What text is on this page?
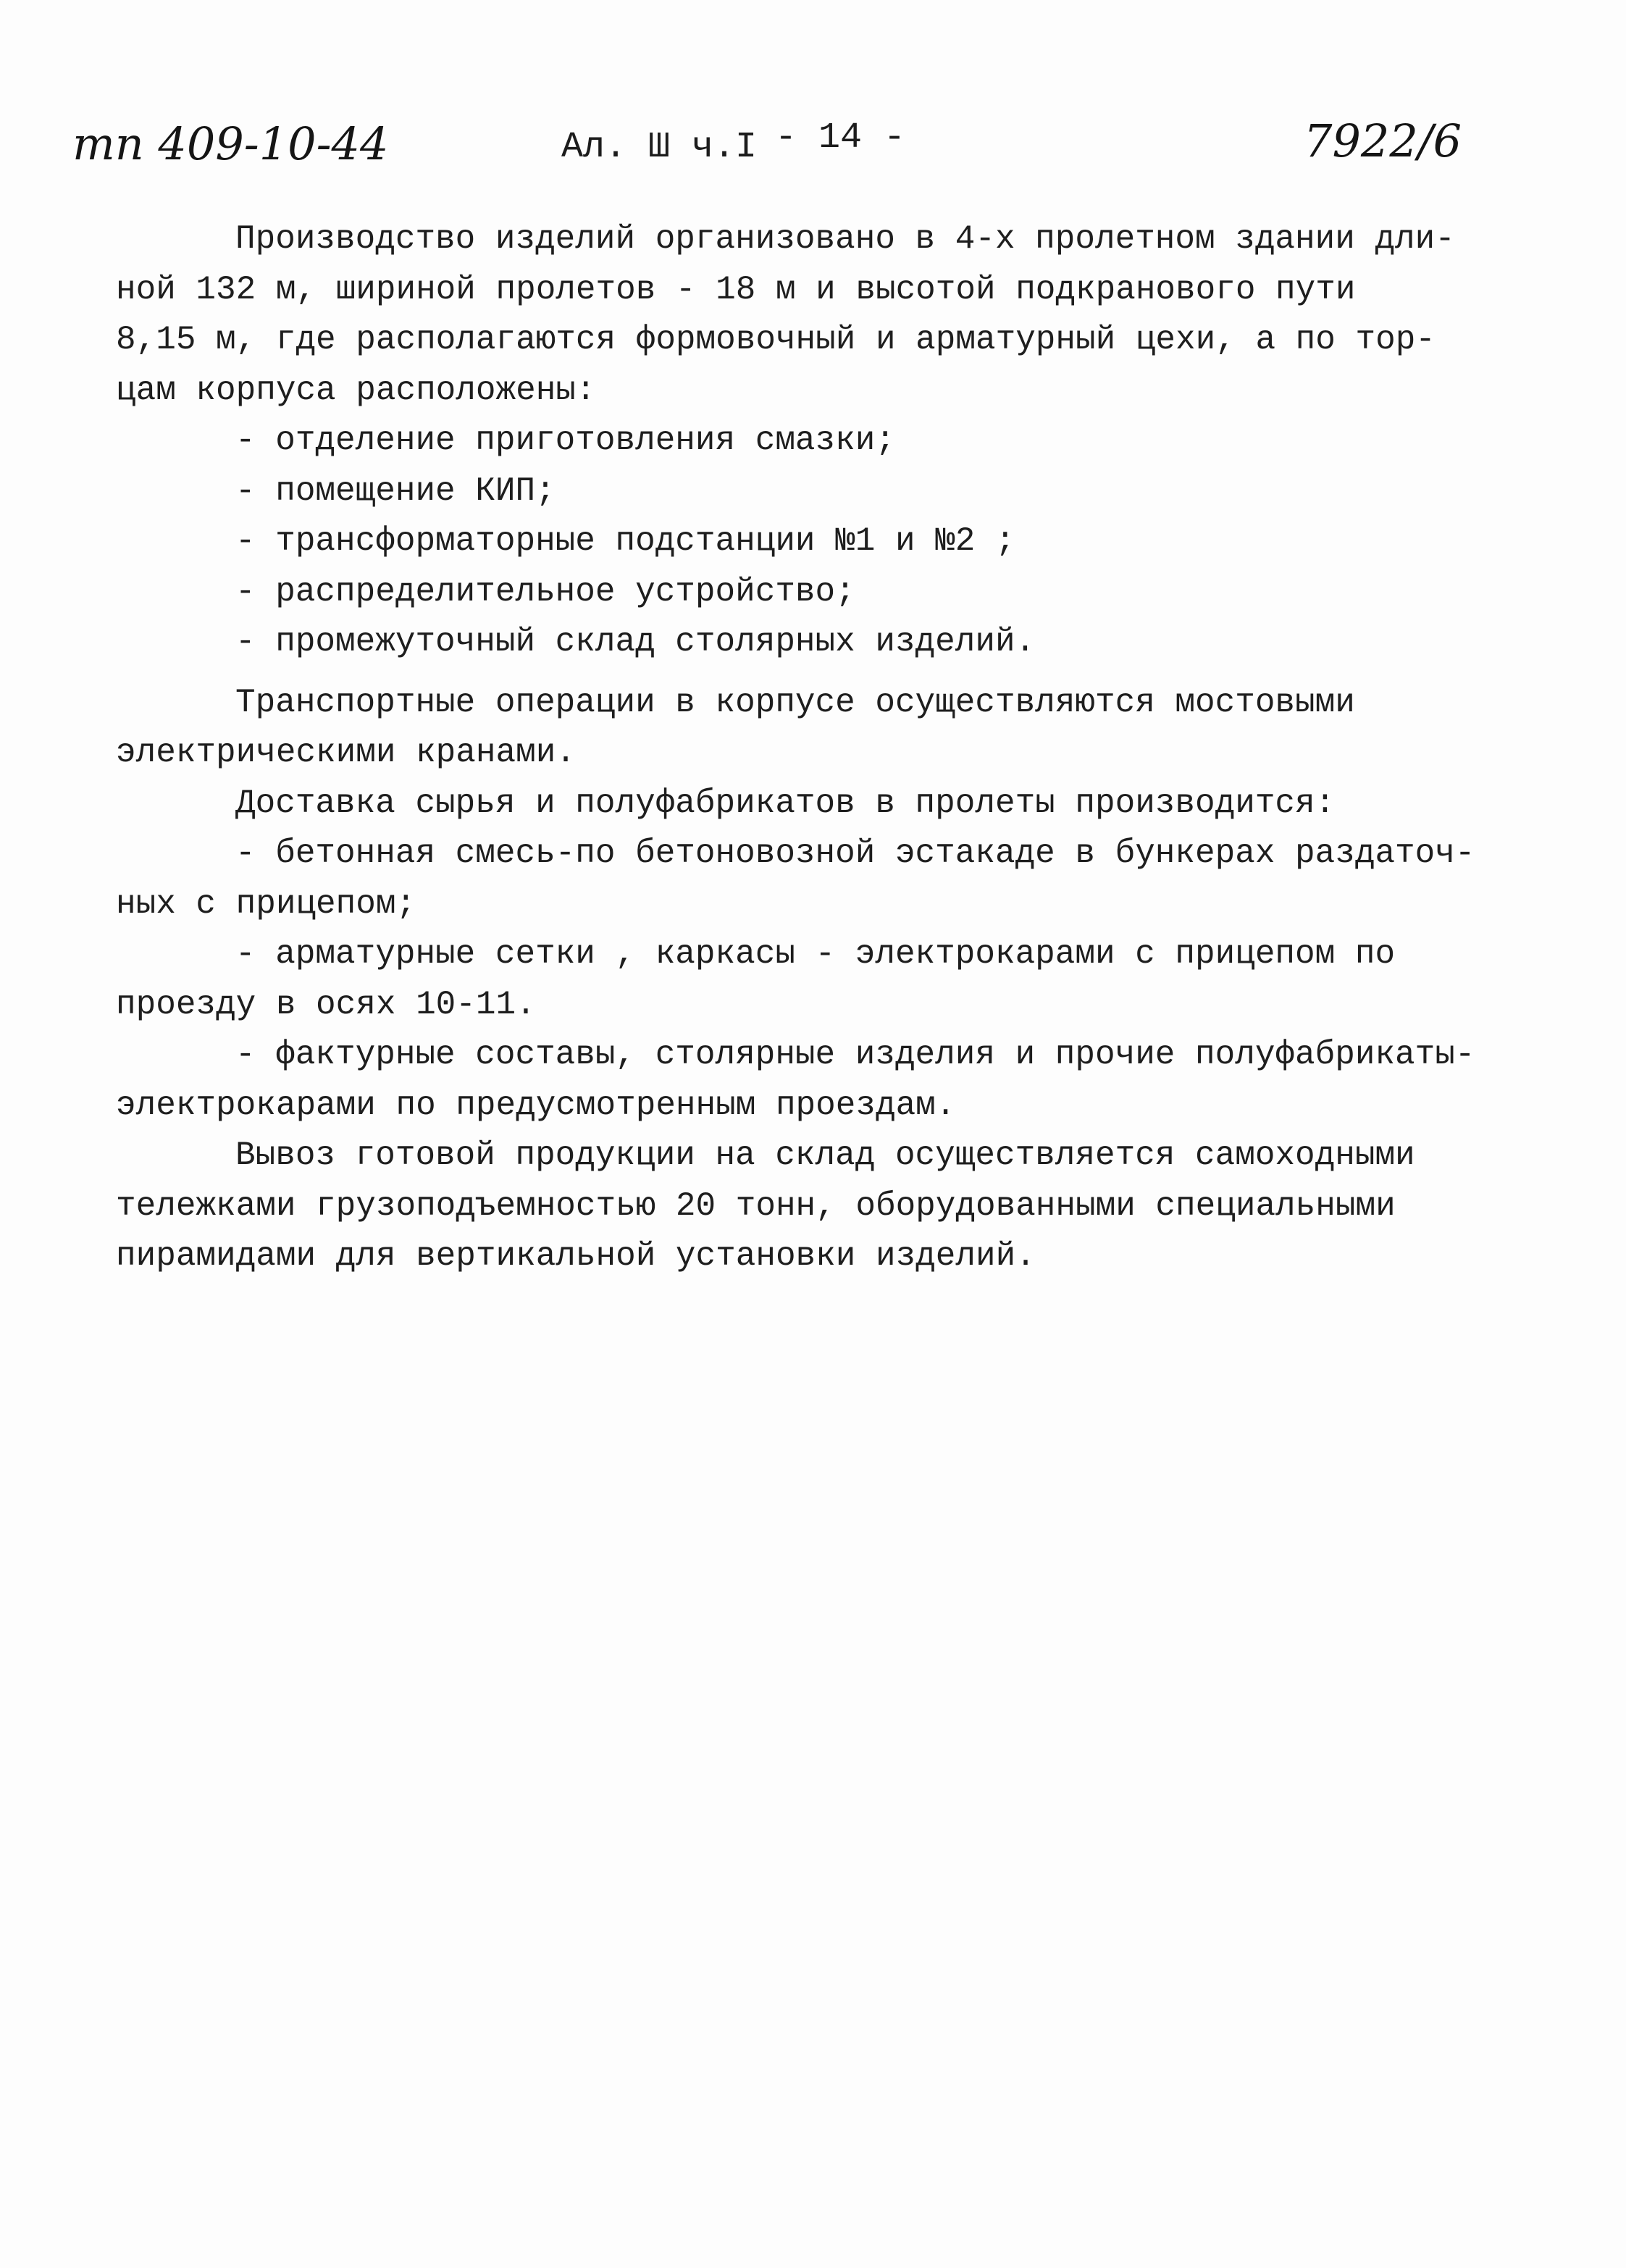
тп 409-10-44	Ал. Ш ч.I - 14 -	7922/6
Производство изделий организовано в 4-х пролетном здании дли-
ной 132 м, шириной пролетов - 18 м и высотой подкранового пути
8,15 м, где располагаются формовочный и арматурный цехи, а по тор-
цам корпуса расположены:
- отделение приготовления смазки;
- помещение КИП;
- трансформаторные подстанции №1 и №2 ;
- распределительное устройство;
- промежуточный склад столярных изделий.
Транспортные операции в корпусе осуществляются мостовыми
электрическими кранами.
Доставка сырья и полуфабрикатов в пролеты производится:
- бетонная смесь-по бетоновозной эстакаде в бункерах раздаточ-
ных с прицепом;
- арматурные сетки , каркасы - электрокарами с прицепом по
проезду в осях 10-11.
- фактурные составы, столярные изделия и прочие полуфабрикаты-
электрокарами по предусмотренным проездам.
Вывоз готовой продукции на склад осуществляется самоходными
тележками грузоподъемностью 20 тонн, оборудованными специальными
пирамидами для вертикальной установки изделий.
